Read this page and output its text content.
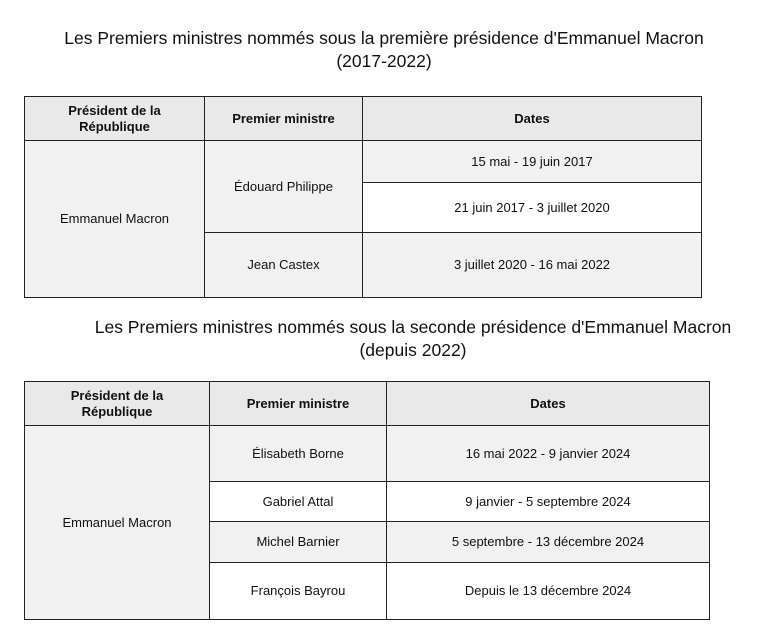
Les Premiers ministres nommés sous la première présidence d'Emmanuel Macron
(2017-2022)
Président de la
République	Premier ministre	Dates
Emmanuel Macron	Édouard Philippe	15 mai - 19 juin 2017
		21 juin 2017 - 3 juillet 2020
	Jean Castex	3 juillet 2020 - 16 mai 2022
Les Premiers ministres nommés sous la seconde présidence d'Emmanuel Macron
(depuis 2022)
Président de la
République	Premier ministre	Dates
Emmanuel Macron	Élisabeth Borne	16 mai 2022 - 9 janvier 2024
	Gabriel Attal	9 janvier - 5 septembre 2024
	Michel Barnier	5 septembre - 13 décembre 2024
	François Bayrou	Depuis le 13 décembre 2024
